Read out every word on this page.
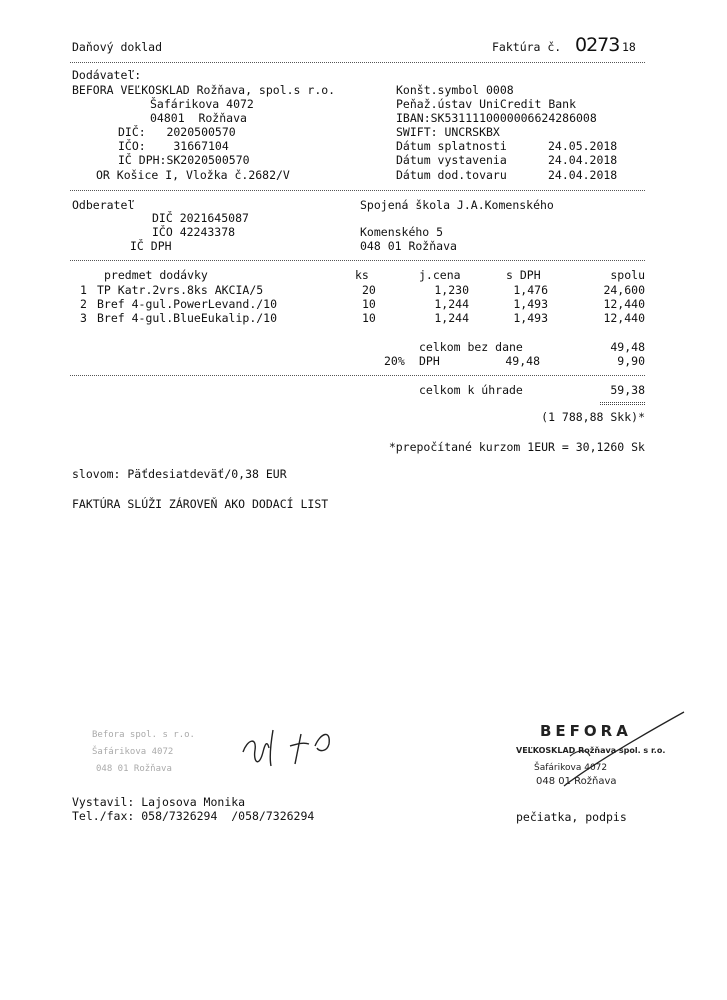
Daňový doklad	Faktúra č. 0273 18
Dodávateľ:
BEFORA VEĽKOSKLAD Rožňava, spol.s r.o.
Šafárikova 4072
04801  Rožňava
DIČ:   2020500570
IČO:    31667104
IČ DPH:SK2020500570
OR Košice I, Vložka č.2682/V
Konšt.symbol 0008
Peňaž.ústav UniCredit Bank
IBAN:SK5311110000006624286008
SWIFT: UNCRSKBX
Dátum splatnosti	24.05.2018
Dátum vystavenia	24.04.2018
Dátum dod.tovaru	24.04.2018
Odberateľ
DIČ 2021645087
IČO 42243378
IČ DPH
Spojená škola J.A.Komenského
Komenského 5
048 01 Rožňava
predmet dodávky	ks	j.cena	s DPH	spolu
1 TP Katr.2vrs.8ks AKCIA/5	20	1,230	1,476	24,600
2 Bref 4-gul.PowerLevand./10	10	1,244	1,493	12,440
3 Bref 4-gul.BlueEukalip./10	10	1,244	1,493	12,440
celkom bez dane	49,48
20% DPH	49,48	9,90
celkom k úhrade	59,38
(1 788,88 Skk)*
*prepočítané kurzom 1EUR = 30,1260 Sk
slovom: Päťdesiatdeväť/0,38 EUR
FAKTÚRA SLÚŽI ZÁROVEŇ AKO DODACÍ LIST
Befora spol. s r.o.
Šafárikova 4072
048 01 Rožňava
BEFORA
VEĽKOSKLAD Rožňava spol. s r.o.
Šafárikova 4072
048 01 Rožňava
Vystavil: Lajosova Monika
Tel./fax: 058/7326294  /058/7326294	pečiatka, podpis
